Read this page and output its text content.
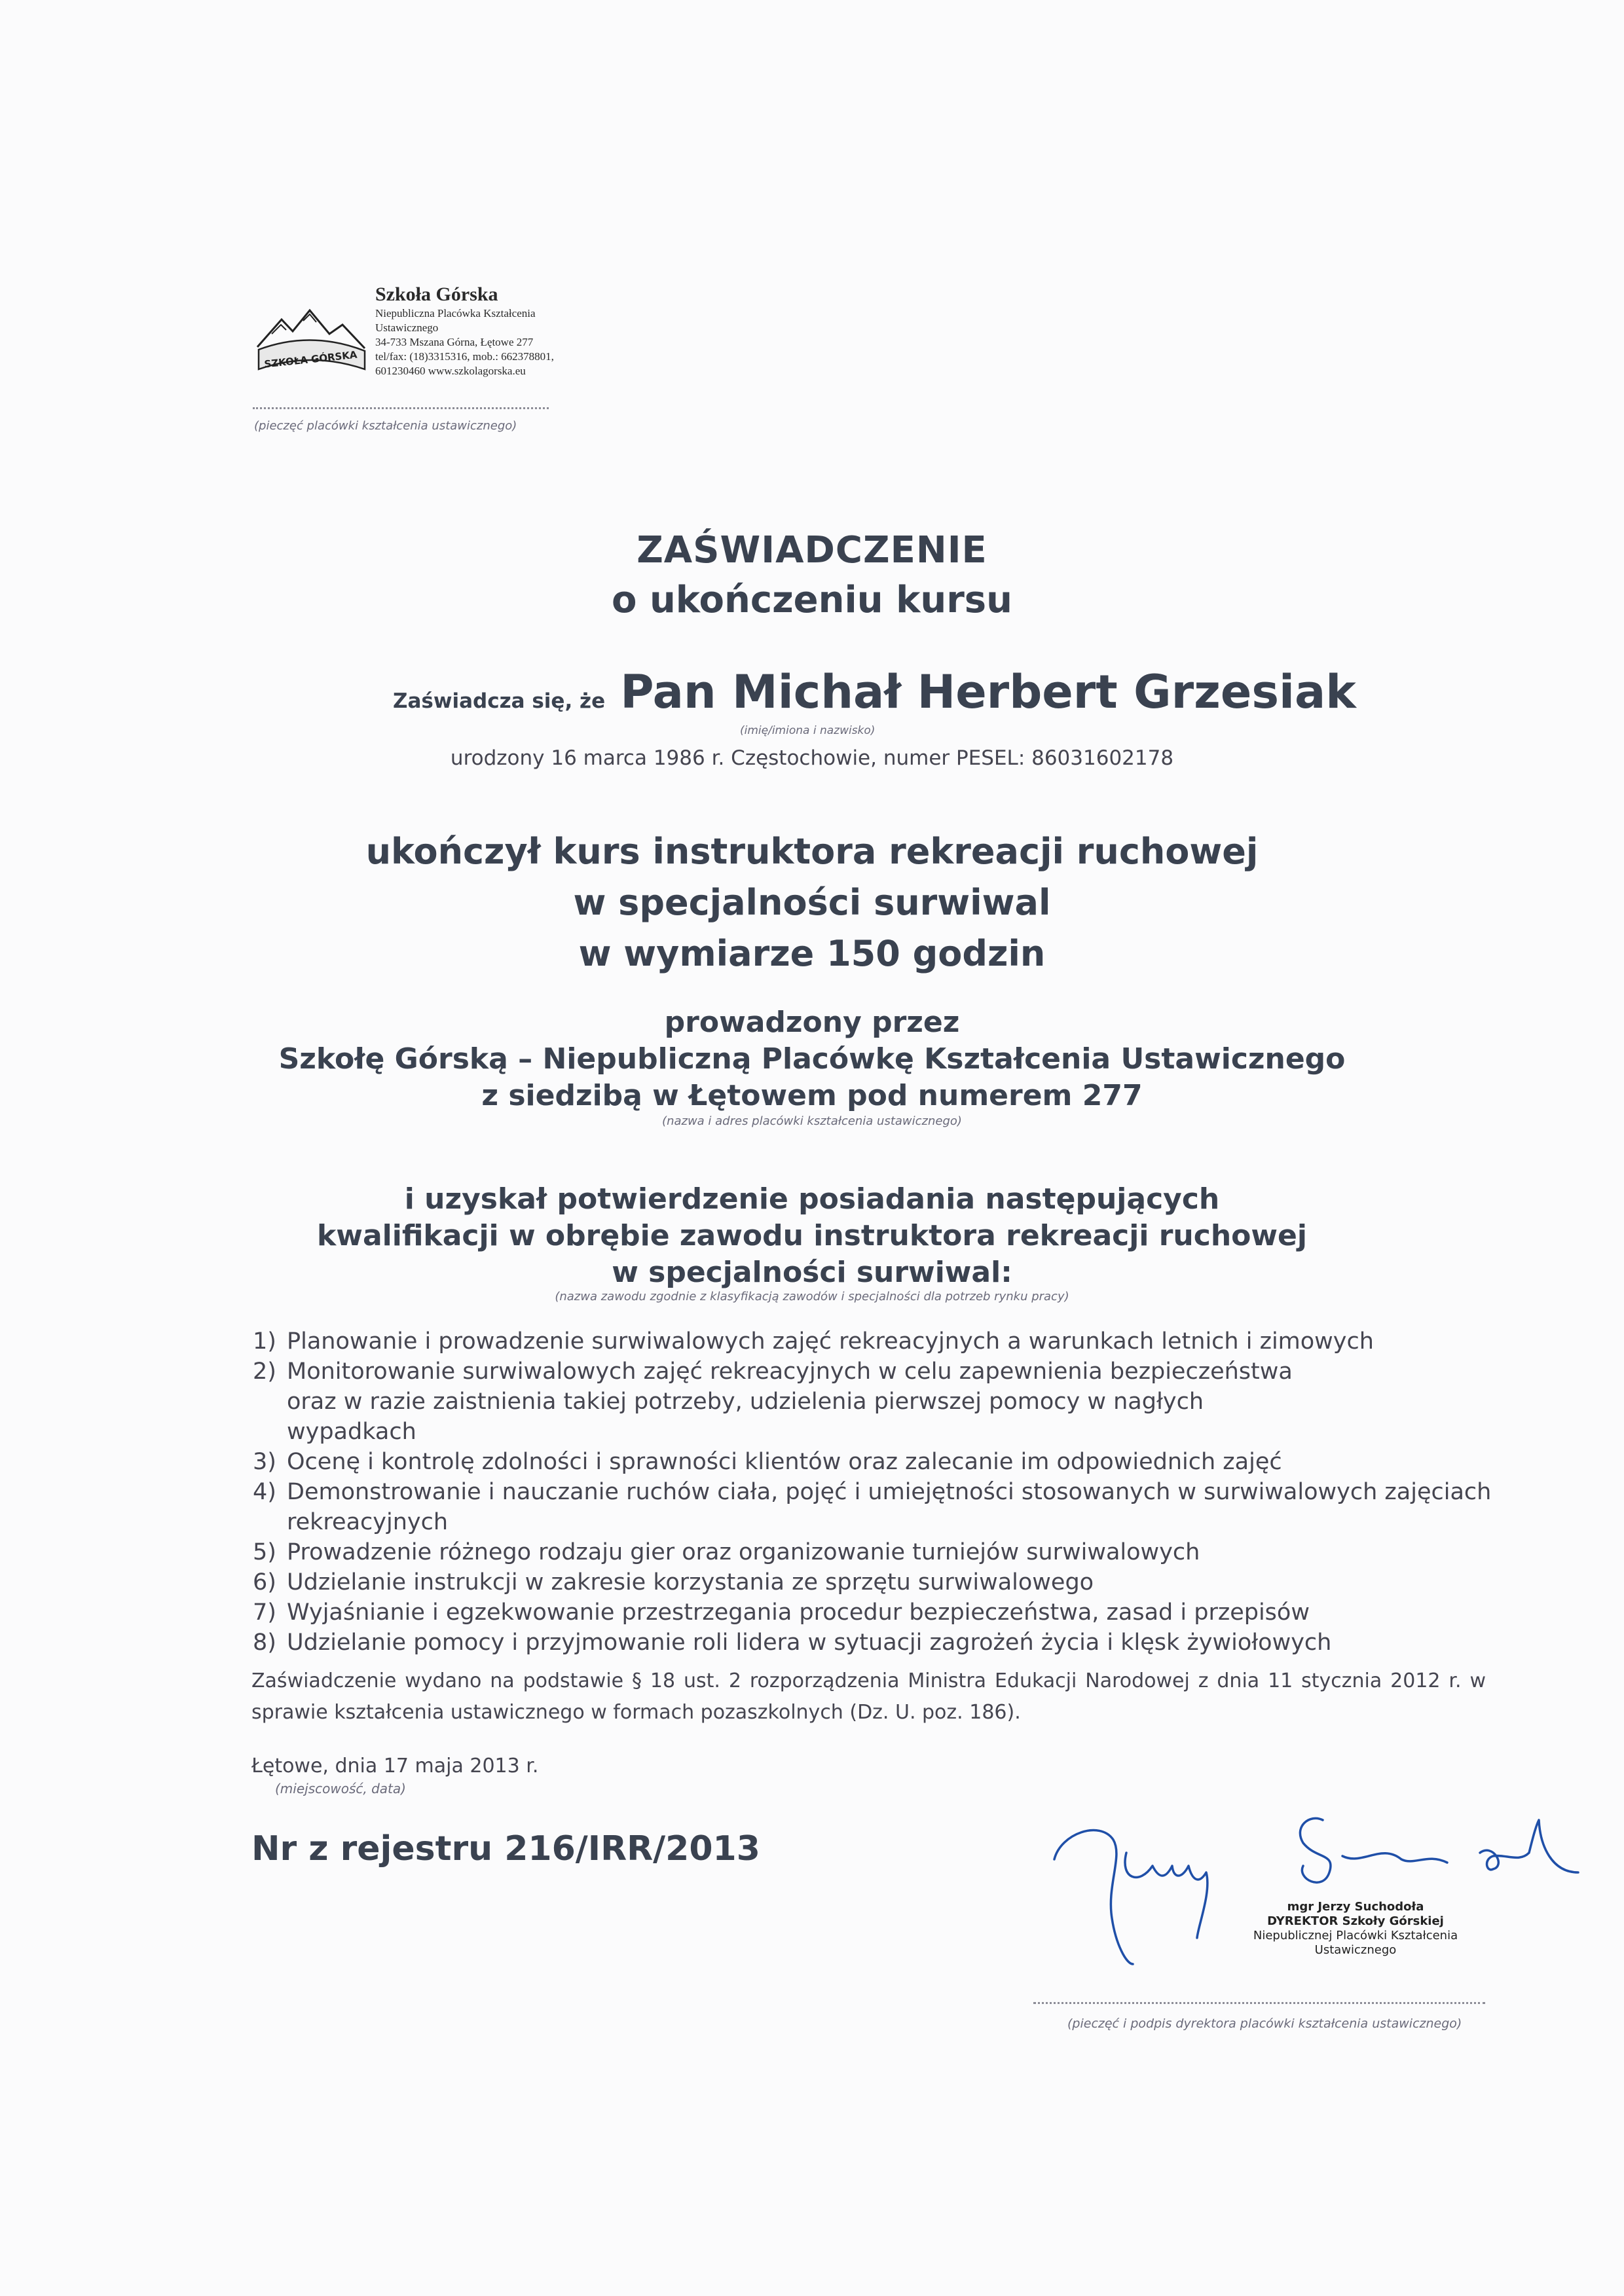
SZKOŁA GÓRSKA
Szkoła Górska
Niepubliczna Placówka Kształcenia
Ustawicznego
34-733 Mszana Górna, Łętowe 277
tel/fax: (18)3315316, mob.: 662378801,
601230460 www.szkolagorska.eu
(pieczęć placówki kształcenia ustawicznego)
ZAŚWIADCZENIE
o ukończeniu kursu
Zaświadcza się, że Pan Michał Herbert Grzesiak
(imię/imiona i nazwisko)

urodzony 16 marca 1986 r. Częstochowie, numer PESEL: 86031602178

ukończył kurs instruktora rekreacji ruchowej
w specjalności surwiwal
w wymiarze 150 godzin
prowadzony przez
Szkołę Górską – Niepubliczną Placówkę Kształcenia Ustawicznego
z siedzibą w Łętowem pod numerem 277
(nazwa i adres placówki kształcenia ustawicznego)
i uzyskał potwierdzenie posiadania następujących
kwalifikacji w obrębie zawodu instruktora rekreacji ruchowej
w specjalności surwiwal:
(nazwa zawodu zgodnie z klasyfikacją zawodów i specjalności dla potrzeb rynku pracy)
1) Planowanie i prowadzenie surwiwalowych zajęć rekreacyjnych a warunkach letnich i zimowych
2) Monitorowanie surwiwalowych zajęć rekreacyjnych w celu zapewnienia bezpieczeństwa oraz w razie zaistnienia takiej potrzeby, udzielenia pierwszej pomocy w nagłych wypadkach
3) Ocenę i kontrolę zdolności i sprawności klientów oraz zalecanie im odpowiednich zajęć
4) Demonstrowanie i nauczanie ruchów ciała, pojęć i umiejętności stosowanych w surwiwalowych zajęciach rekreacyjnych
5) Prowadzenie różnego rodzaju gier oraz organizowanie turniejów surwiwalowych
6) Udzielanie instrukcji w zakresie korzystania ze sprzętu surwiwalowego
7) Wyjaśnianie i egzekwowanie przestrzegania procedur bezpieczeństwa, zasad i przepisów
8) Udzielanie pomocy i przyjmowanie roli lidera w sytuacji zagrożeń życia i klęsk żywiołowych

Zaświadczenie wydano na podstawie § 18 ust. 2 rozporządzenia Ministra Edukacji Narodowej z dnia 11 stycznia 2012 r. w sprawie kształcenia ustawicznego w formach pozaszkolnych (Dz. U. poz. 186).

Łętowe, dnia 17 maja 2013 r.
(miejscowość, data)
Nr z rejestru 216/IRR/2013
mgr Jerzy Suchodoła
DYREKTOR Szkoły Górskiej
Niepublicznej Placówki Kształcenia
Ustawicznego
(pieczęć i podpis dyrektora placówki kształcenia ustawicznego)
